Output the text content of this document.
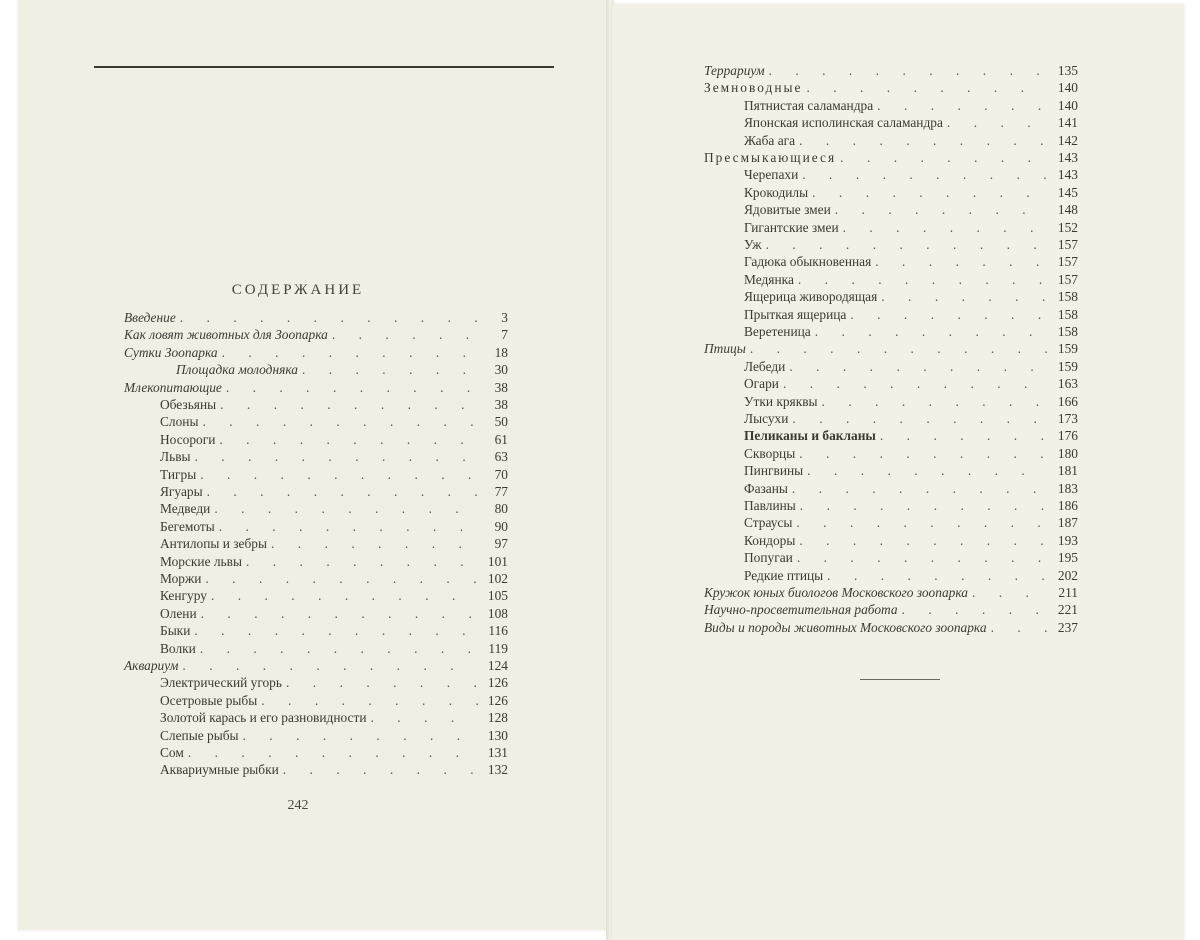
СОДЕРЖАНИЕ
Введение .	3
Как ловят животных для Зоопарка .	7
Сутки Зоопарка .	18
Площадка молодняка .	30
Млекопитающие .	38
Обезьяны .	38
Слоны .	50
Носороги .	61
Львы .	63
Тигры .	70
Ягуары .	77
Медведи .	80
Бегемоты .	90
Антилопы и зебры .	97
Морские львы .	101
Моржи .	102
Кенгуру .	105
Олени .	108
Быки .	116
Волки .	119
Аквариум .	124
Электрический угорь .	126
Осетровые рыбы .	126
Золотой карась и его разновидности .	128
Слепые рыбы .	130
Сом .	131
Аквариумные рыбки .	132
242
Террариум .	135
Земноводные .	140
Пятнистая саламандра .	140
Японская исполинская саламандра .	141
Жаба ага .	142
Пресмыкающиеся .	143
Черепахи .	143
Крокодилы .	145
Ядовитые змеи .	148
Гигантские змеи .	152
Уж .	157
Гадюка обыкновенная .	157
Медянка .	157
Ящерица живородящая .	158
Прыткая ящерица .	158
Веретеница .	158
Птицы .	159
Лебеди .	159
Огари .	163
Утки кряквы .	166
Лысухи .	173
Пеликаны и бакланы .	176
Скворцы .	180
Пингвины .	181
Фазаны .	183
Павлины .	186
Страусы .	187
Кондоры .	193
Попугаи .	195
Редкие птицы .	202
Кружок юных биологов Московского зоопарка .	211
Научно-просветительная работа .	221
Виды и породы животных Московского зоопарка .	237
